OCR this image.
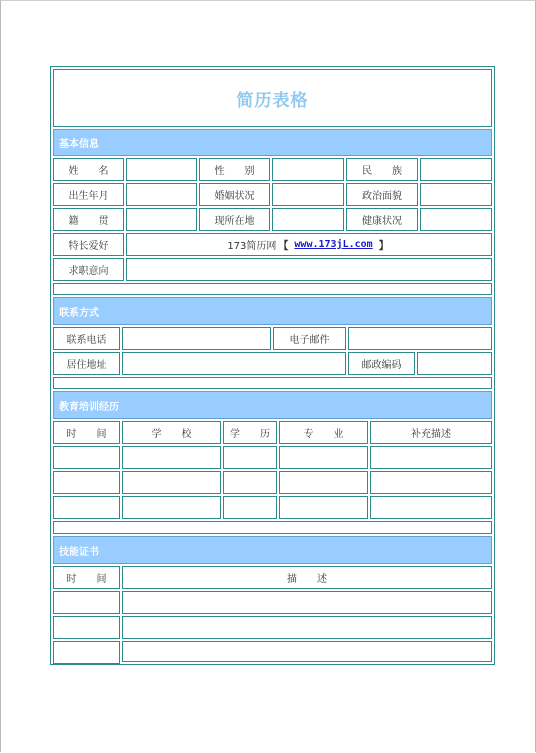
简历表格
基本信息
姓　　名	性　　别	民　　族
出生年月	婚姻状况	政治面貌
籍　　贯	现所在地	健康状况
特长爱好	173简历网 【 www.173jL.com 】
求职意向
联系方式
联系电话	电子邮件
居住地址	邮政编码
教育培训经历
时　　间	学　　校	学　　历	专　　业	补充描述
技能证书
时　　间	描　　述
